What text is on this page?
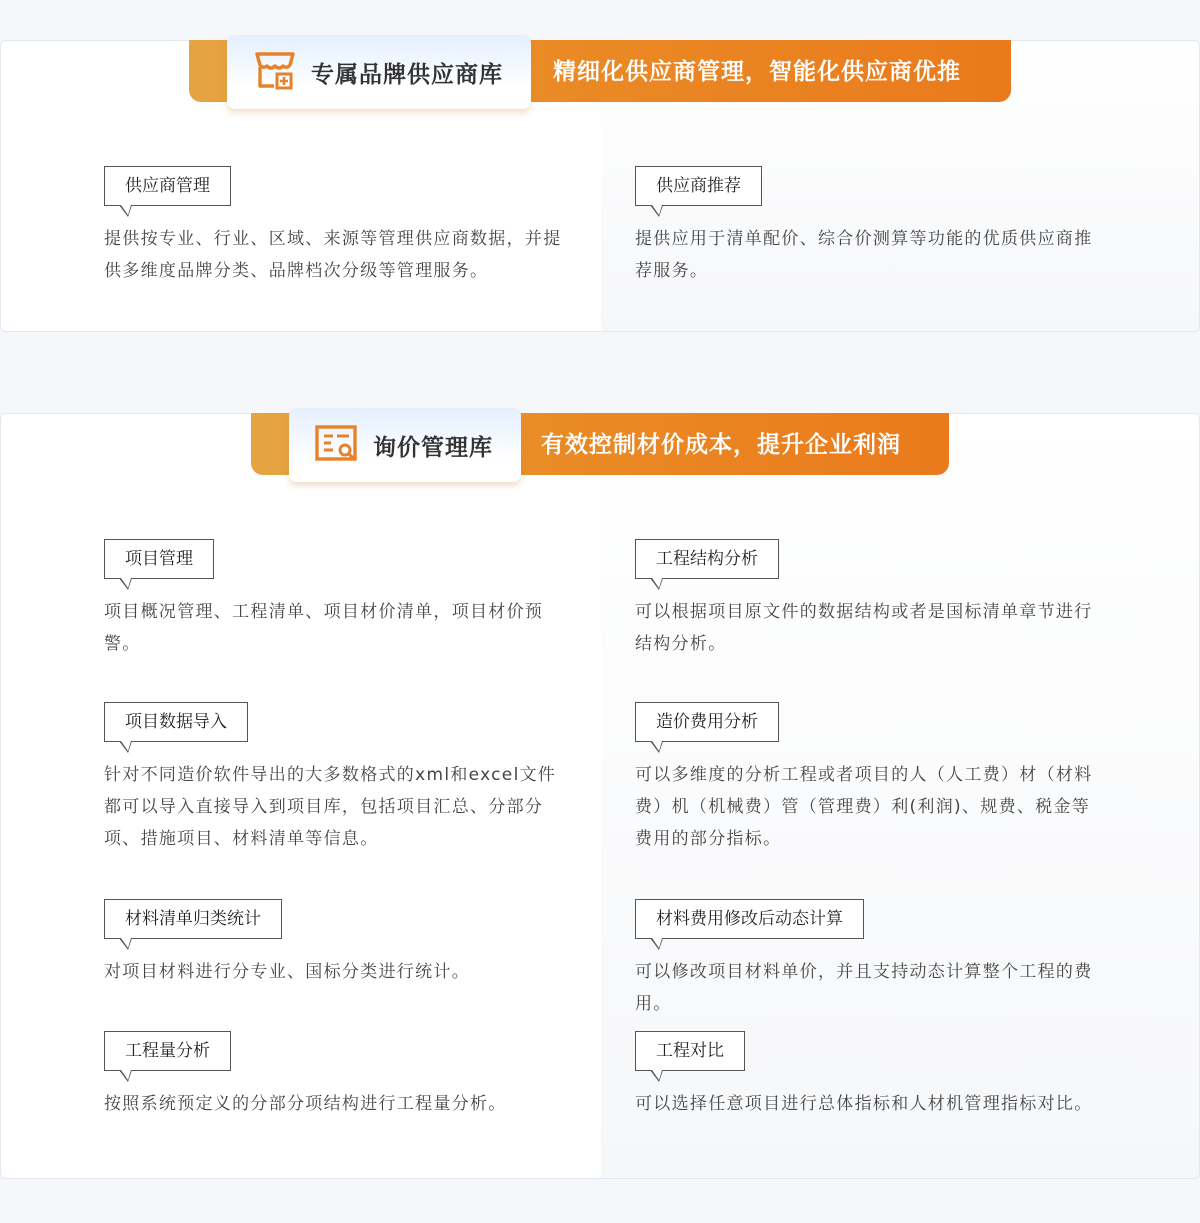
专属品牌供应商库 精细化供应商管理，智能化供应商优推
供应商管理
提供按专业、行业、区域、来源等管理供应商数据，并提供多维度品牌分类、品牌档次分级等管理服务。
供应商推荐
提供应用于清单配价、综合价测算等功能的优质供应商推荐服务。
询价管理库 有效控制材价成本，提升企业利润
项目管理
项目概况管理、工程清单、项目材价清单，项目材价预警。
工程结构分析
可以根据项目原文件的数据结构或者是国标清单章节进行结构分析。
项目数据导入
针对不同造价软件导出的大多数格式的xml和excel文件都可以导入直接导入到项目库，包括项目汇总、分部分项、措施项目、材料清单等信息。
造价费用分析
可以多维度的分析工程或者项目的人（人工费）材（材料费）机（机械费）管（管理费）利(利润)、规费、税金等费用的部分指标。
材料清单归类统计
对项目材料进行分专业、国标分类进行统计。
材料费用修改后动态计算
可以修改项目材料单价，并且支持动态计算整个工程的费用。
工程量分析
按照系统预定义的分部分项结构进行工程量分析。
工程对比
可以选择任意项目进行总体指标和人材机管理指标对比。
